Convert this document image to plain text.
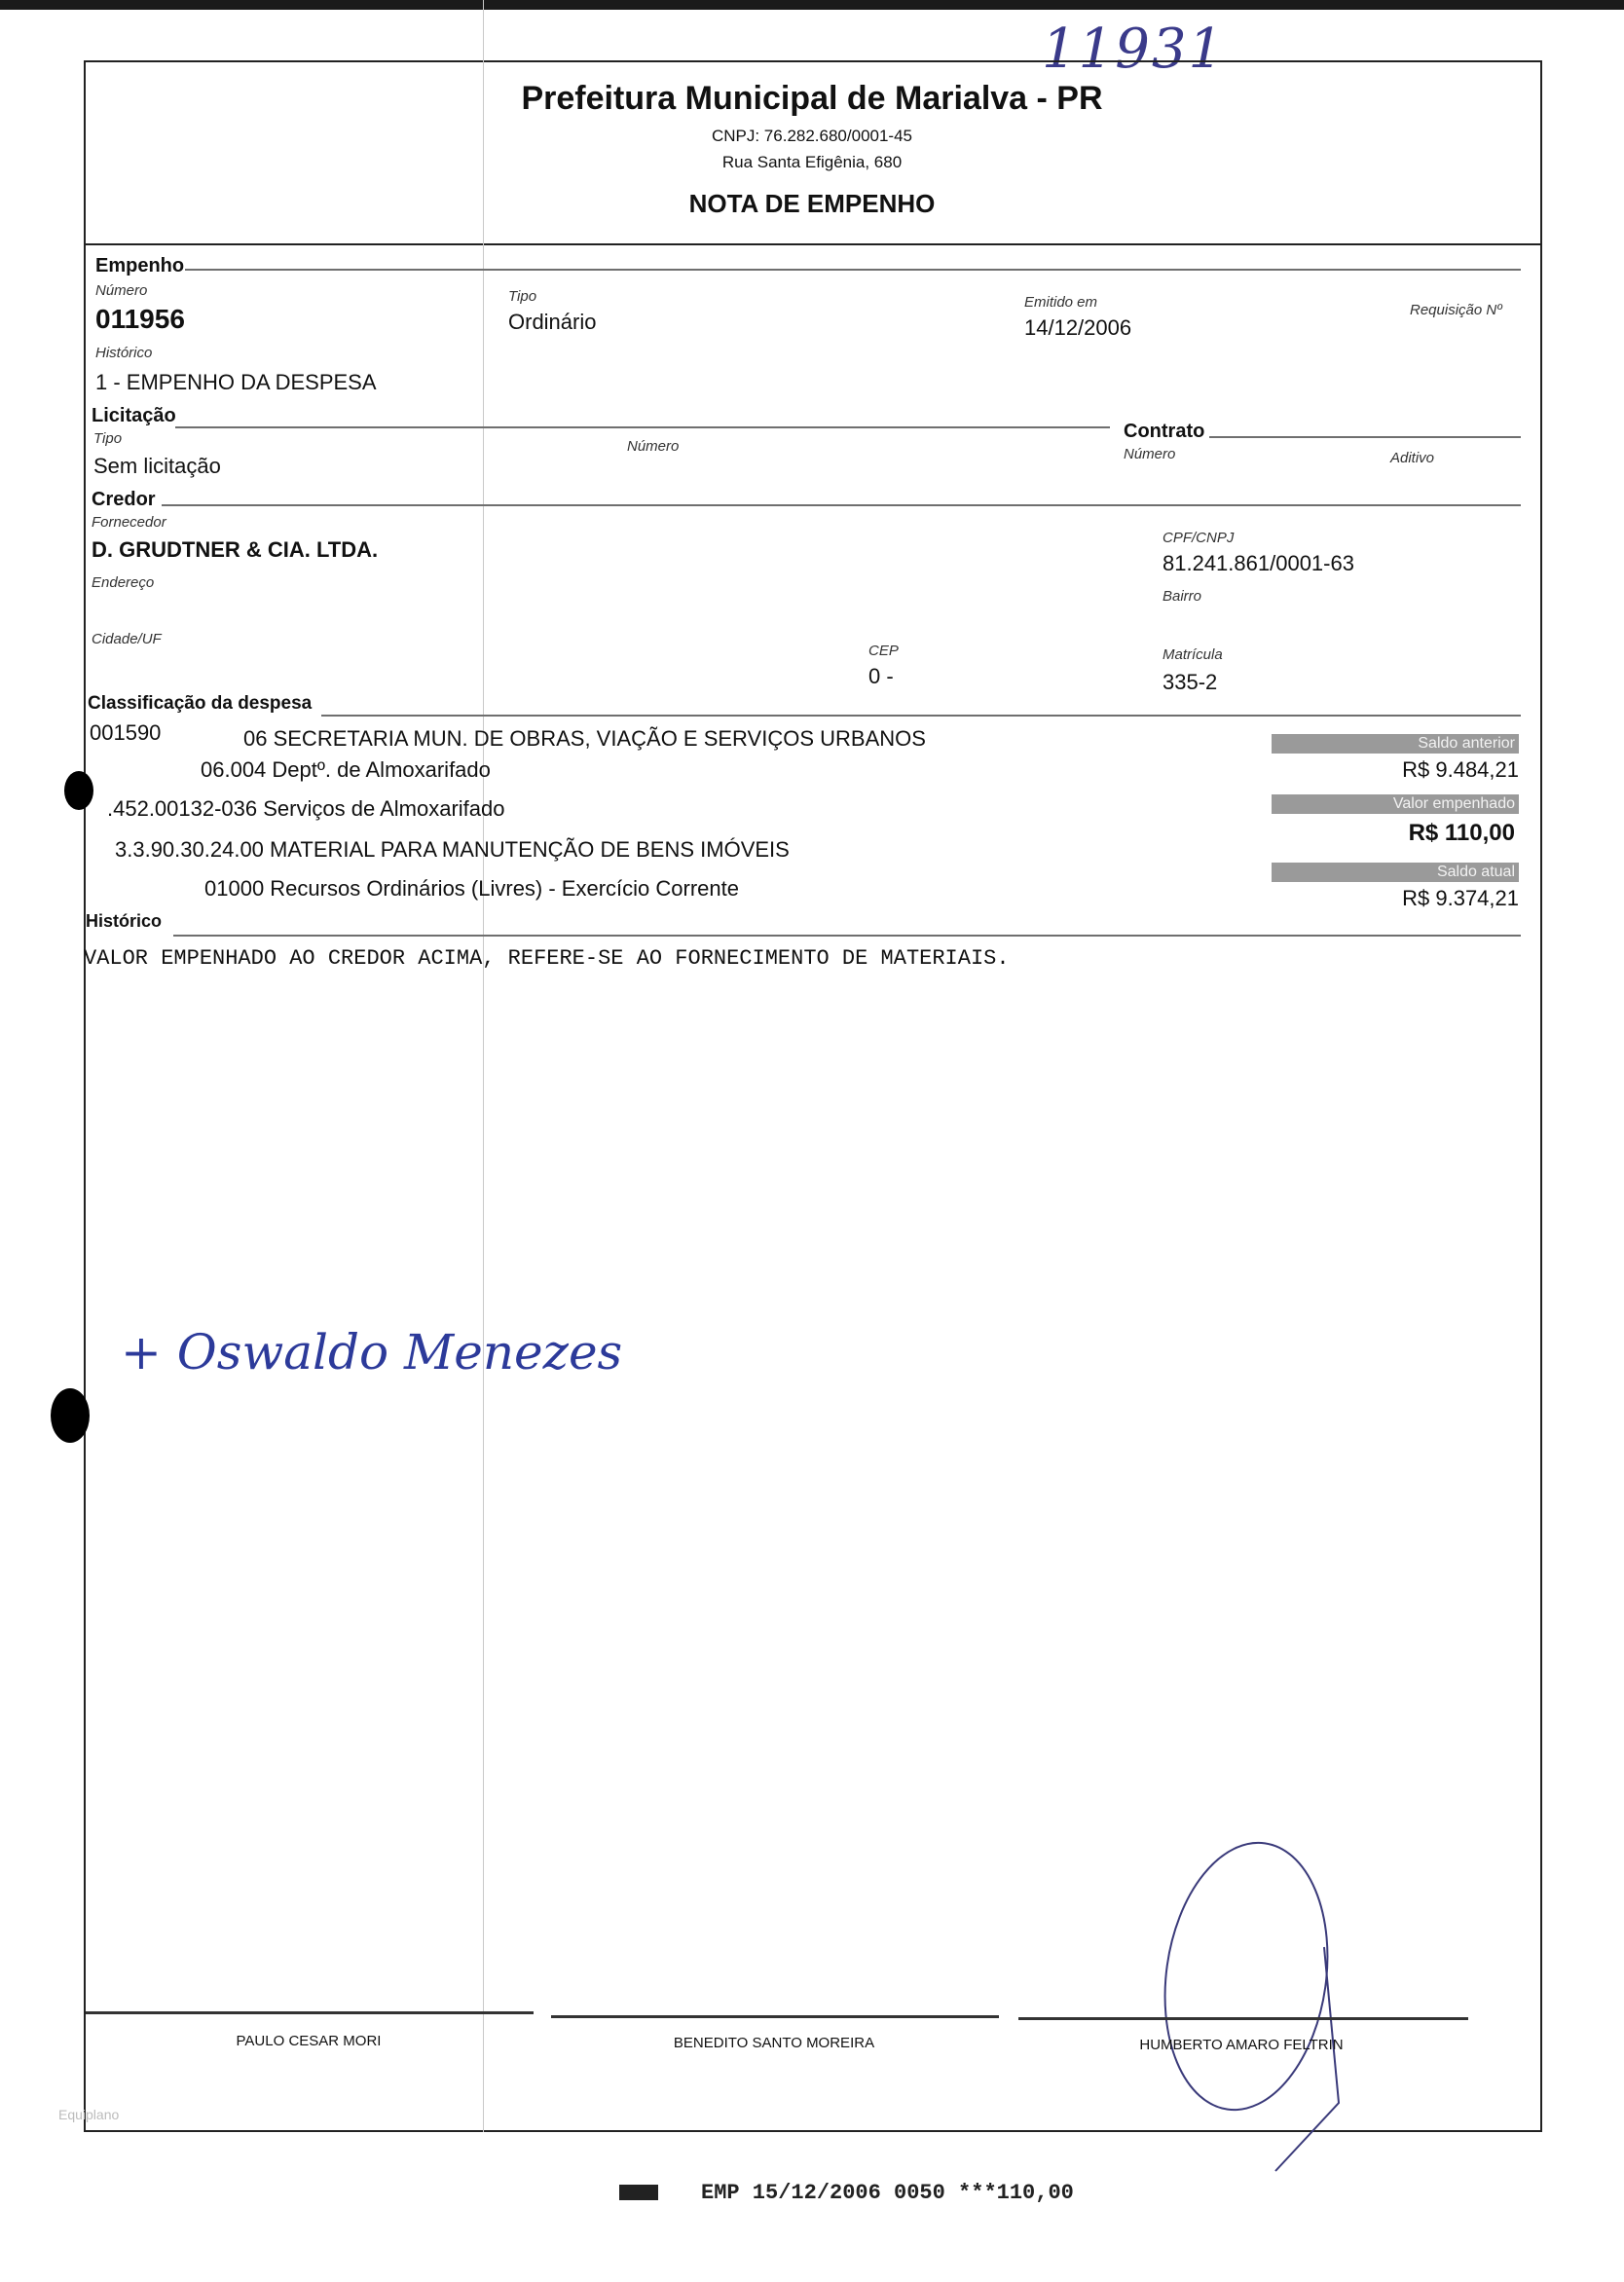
11931
Prefeitura Municipal de Marialva - PR
CNPJ: 76.282.680/0001-45
Rua Santa Efigênia, 680
NOTA DE EMPENHO
Empenho
Número
011956
Tipo
Ordinário
Emitido em
14/12/2006
Requisição Nº
Histórico
1 - EMPENHO DA DESPESA
Licitação
Tipo
Sem licitação
Número
Contrato
Número	Aditivo
Credor
Fornecedor
D. GRUDTNER & CIA. LTDA.
Endereço
CPF/CNPJ
81.241.861/0001-63
Bairro
Cidade/UF
CEP
0 -
Matrícula
335-2
Classificação da despesa
001590	06 SECRETARIA MUN. DE OBRAS, VIAÇÃO E SERVIÇOS URBANOS
06.004 Deptº. de Almoxarifado
.452.00132-036 Serviços de Almoxarifado
3.3.90.30.24.00 MATERIAL PARA MANUTENÇÃO DE BENS IMÓVEIS
01000 Recursos Ordinários (Livres) - Exercício Corrente
Saldo anterior
R$ 9.484,21
Valor empenhado
R$ 110,00
Saldo atual
R$ 9.374,21
Histórico
VALOR EMPENHADO AO CREDOR ACIMA, REFERE-SE AO FORNECIMENTO DE MATERIAIS.
+ Oswaldo Menezes
PAULO CESAR MORI	BENEDITO SANTO MOREIRA	HUMBERTO AMARO FELTRIN
Equiplano
EMP 15/12/2006 0050 ***110,00
